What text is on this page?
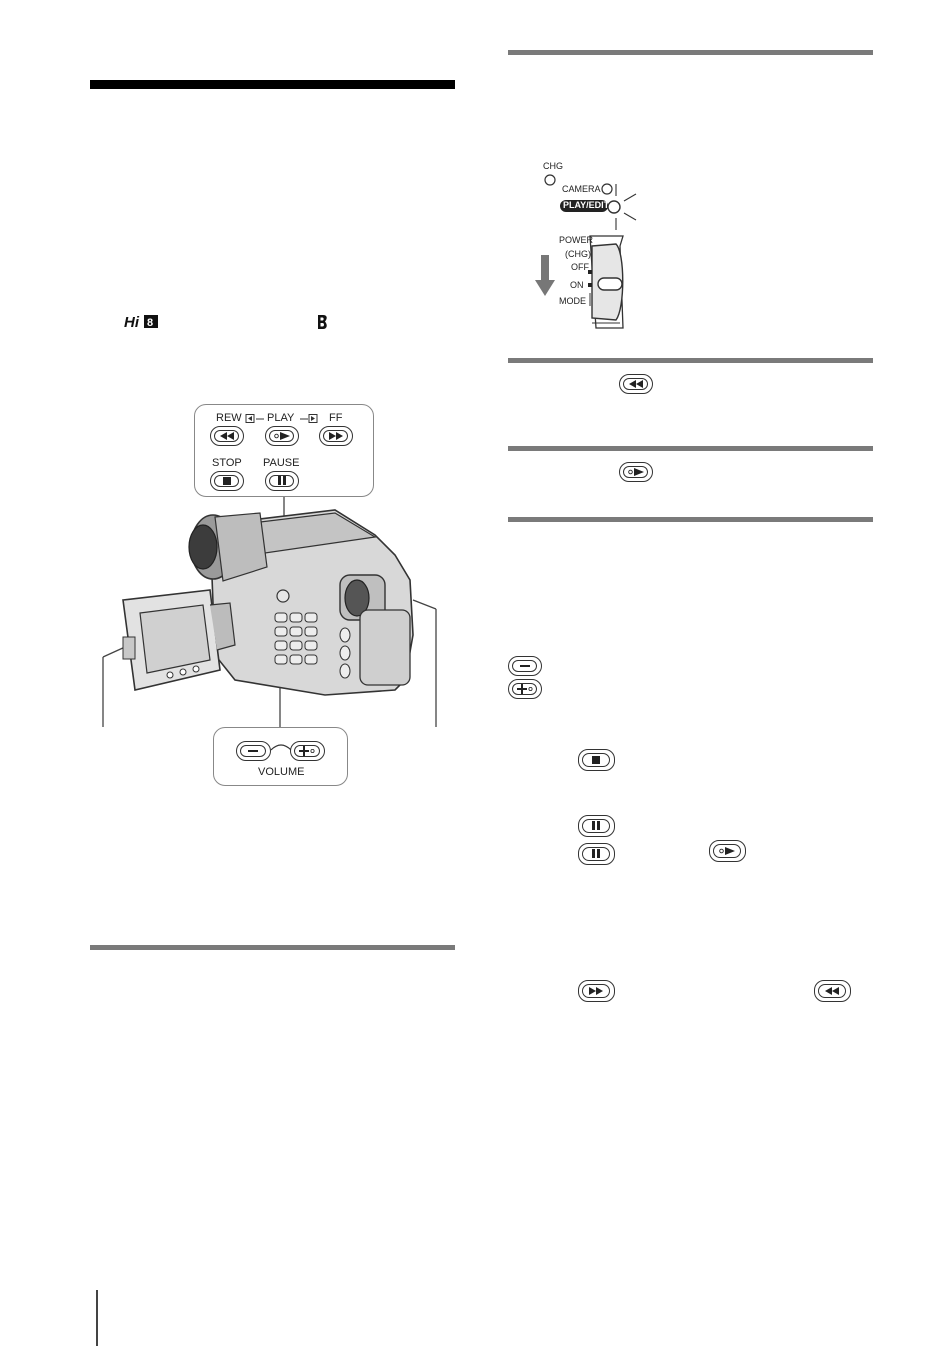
Hi 8
REW PLAY	FF
STOP PAUSE
VOLUME
CHG
CAMERA
PLAY/EDIT
POWER
(CHG)
OFF
ON
MODE
